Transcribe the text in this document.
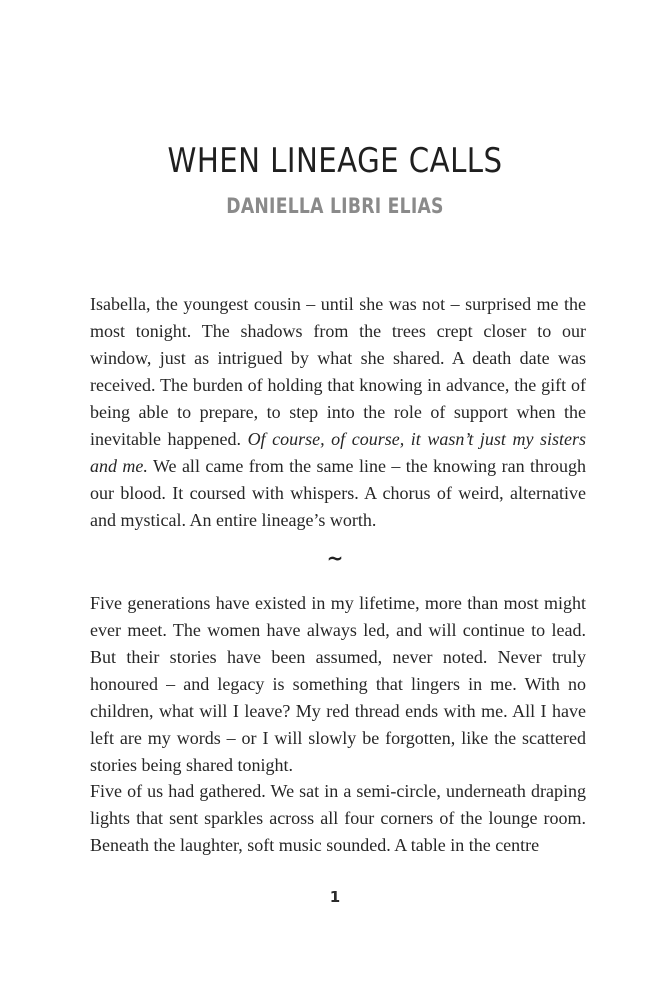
WHEN LINEAGE CALLS
DANIELLA LIBRI ELIAS

Isabella, the youngest cousin – until she was not – surprised me the most tonight. The shadows from the trees crept closer to our window, just as intrigued by what she shared. A death date was received. The burden of holding that knowing in advance, the gift of being able to prepare, to step into the role of support when the inevitable happened. Of course, of course, it wasn’t just my sisters and me. We all came from the same line – the knowing ran through our blood. It coursed with whispers. A chorus of weird, alternative and mystical. An entire lineage’s worth.

~

Five generations have existed in my lifetime, more than most might ever meet. The women have always led, and will continue to lead. But their stories have been assumed, never noted. Never truly honoured – and legacy is something that lingers in me. With no children, what will I leave? My red thread ends with me. All I have left are my words – or I will slowly be forgotten, like the scattered stories being shared tonight.

Five of us had gathered. We sat in a semi-circle, underneath draping lights that sent sparkles across all four corners of the lounge room. Beneath the laughter, soft music sounded. A table in the centre

1
